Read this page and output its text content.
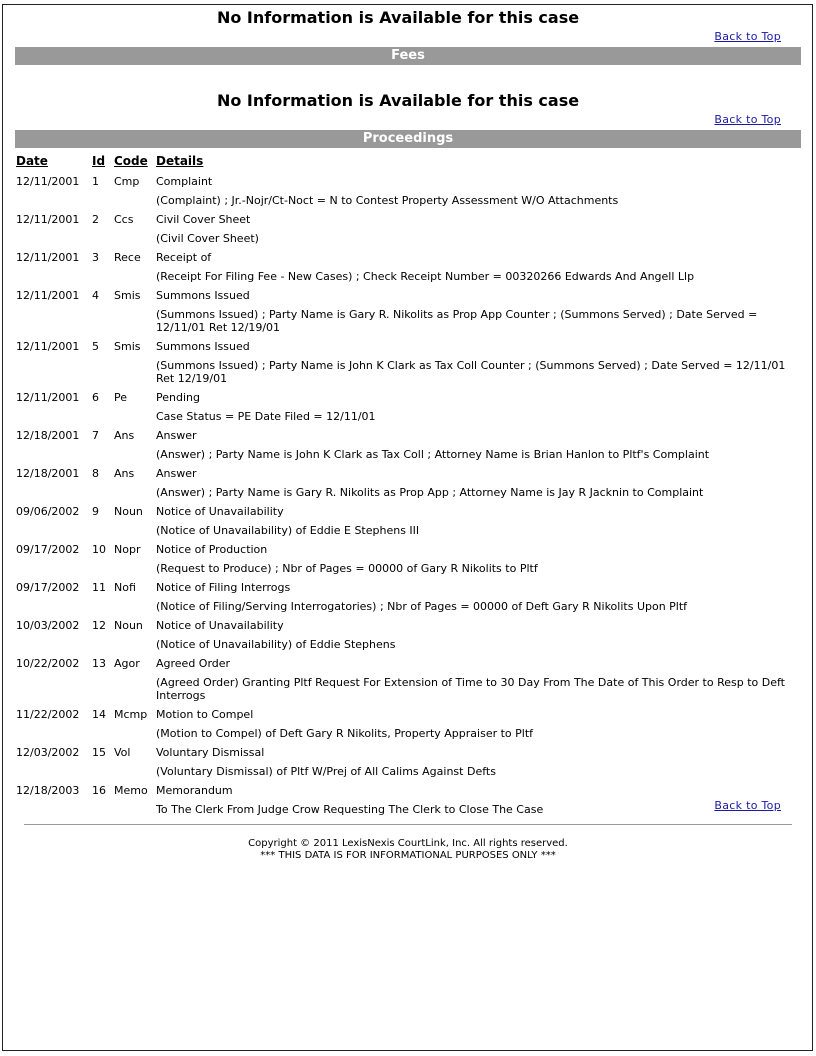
No Information is Available for this case
Back to Top
Fees
No Information is Available for this case
Back to Top
Proceedings
Date	Id	Code	Details
12/11/2001	1	Cmp	Complaint
			(Complaint) ; Jr.-Nojr/Ct-Noct = N to Contest Property Assessment W/O Attachments
12/11/2001	2	Ccs	Civil Cover Sheet
			(Civil Cover Sheet)
12/11/2001	3	Rece	Receipt of
			(Receipt For Filing Fee - New Cases) ; Check Receipt Number = 00320266 Edwards And Angell Llp
12/11/2001	4	Smis	Summons Issued
			(Summons Issued) ; Party Name is Gary R. Nikolits as Prop App Counter ; (Summons Served) ; Date Served = 12/11/01 Ret 12/19/01
12/11/2001	5	Smis	Summons Issued
			(Summons Issued) ; Party Name is John K Clark as Tax Coll Counter ; (Summons Served) ; Date Served = 12/11/01 Ret 12/19/01
12/11/2001	6	Pe	Pending
			Case Status = PE Date Filed = 12/11/01
12/18/2001	7	Ans	Answer
			(Answer) ; Party Name is John K Clark as Tax Coll ; Attorney Name is Brian Hanlon to Pltf's Complaint
12/18/2001	8	Ans	Answer
			(Answer) ; Party Name is Gary R. Nikolits as Prop App ; Attorney Name is Jay R Jacknin to Complaint
09/06/2002	9	Noun	Notice of Unavailability
			(Notice of Unavailability) of Eddie E Stephens III
09/17/2002	10	Nopr	Notice of Production
			(Request to Produce) ; Nbr of Pages = 00000 of Gary R Nikolits to Pltf
09/17/2002	11	Nofi	Notice of Filing Interrogs
			(Notice of Filing/Serving Interrogatories) ; Nbr of Pages = 00000 of Deft Gary R Nikolits Upon Pltf
10/03/2002	12	Noun	Notice of Unavailability
			(Notice of Unavailability) of Eddie Stephens
10/22/2002	13	Agor	Agreed Order
			(Agreed Order) Granting Pltf Request For Extension of Time to 30 Day From The Date of This Order to Resp to Deft Interrogs
11/22/2002	14	Mcmp	Motion to Compel
			(Motion to Compel) of Deft Gary R Nikolits, Property Appraiser to Pltf
12/03/2002	15	Vol	Voluntary Dismissal
			(Voluntary Dismissal) of Pltf W/Prej of All Calims Against Defts
12/18/2003	16	Memo	Memorandum
			To The Clerk From Judge Crow Requesting The Clerk to Close The Case	Back to Top
Copyright © 2011 LexisNexis CourtLink, Inc. All rights reserved.
*** THIS DATA IS FOR INFORMATIONAL PURPOSES ONLY ***
